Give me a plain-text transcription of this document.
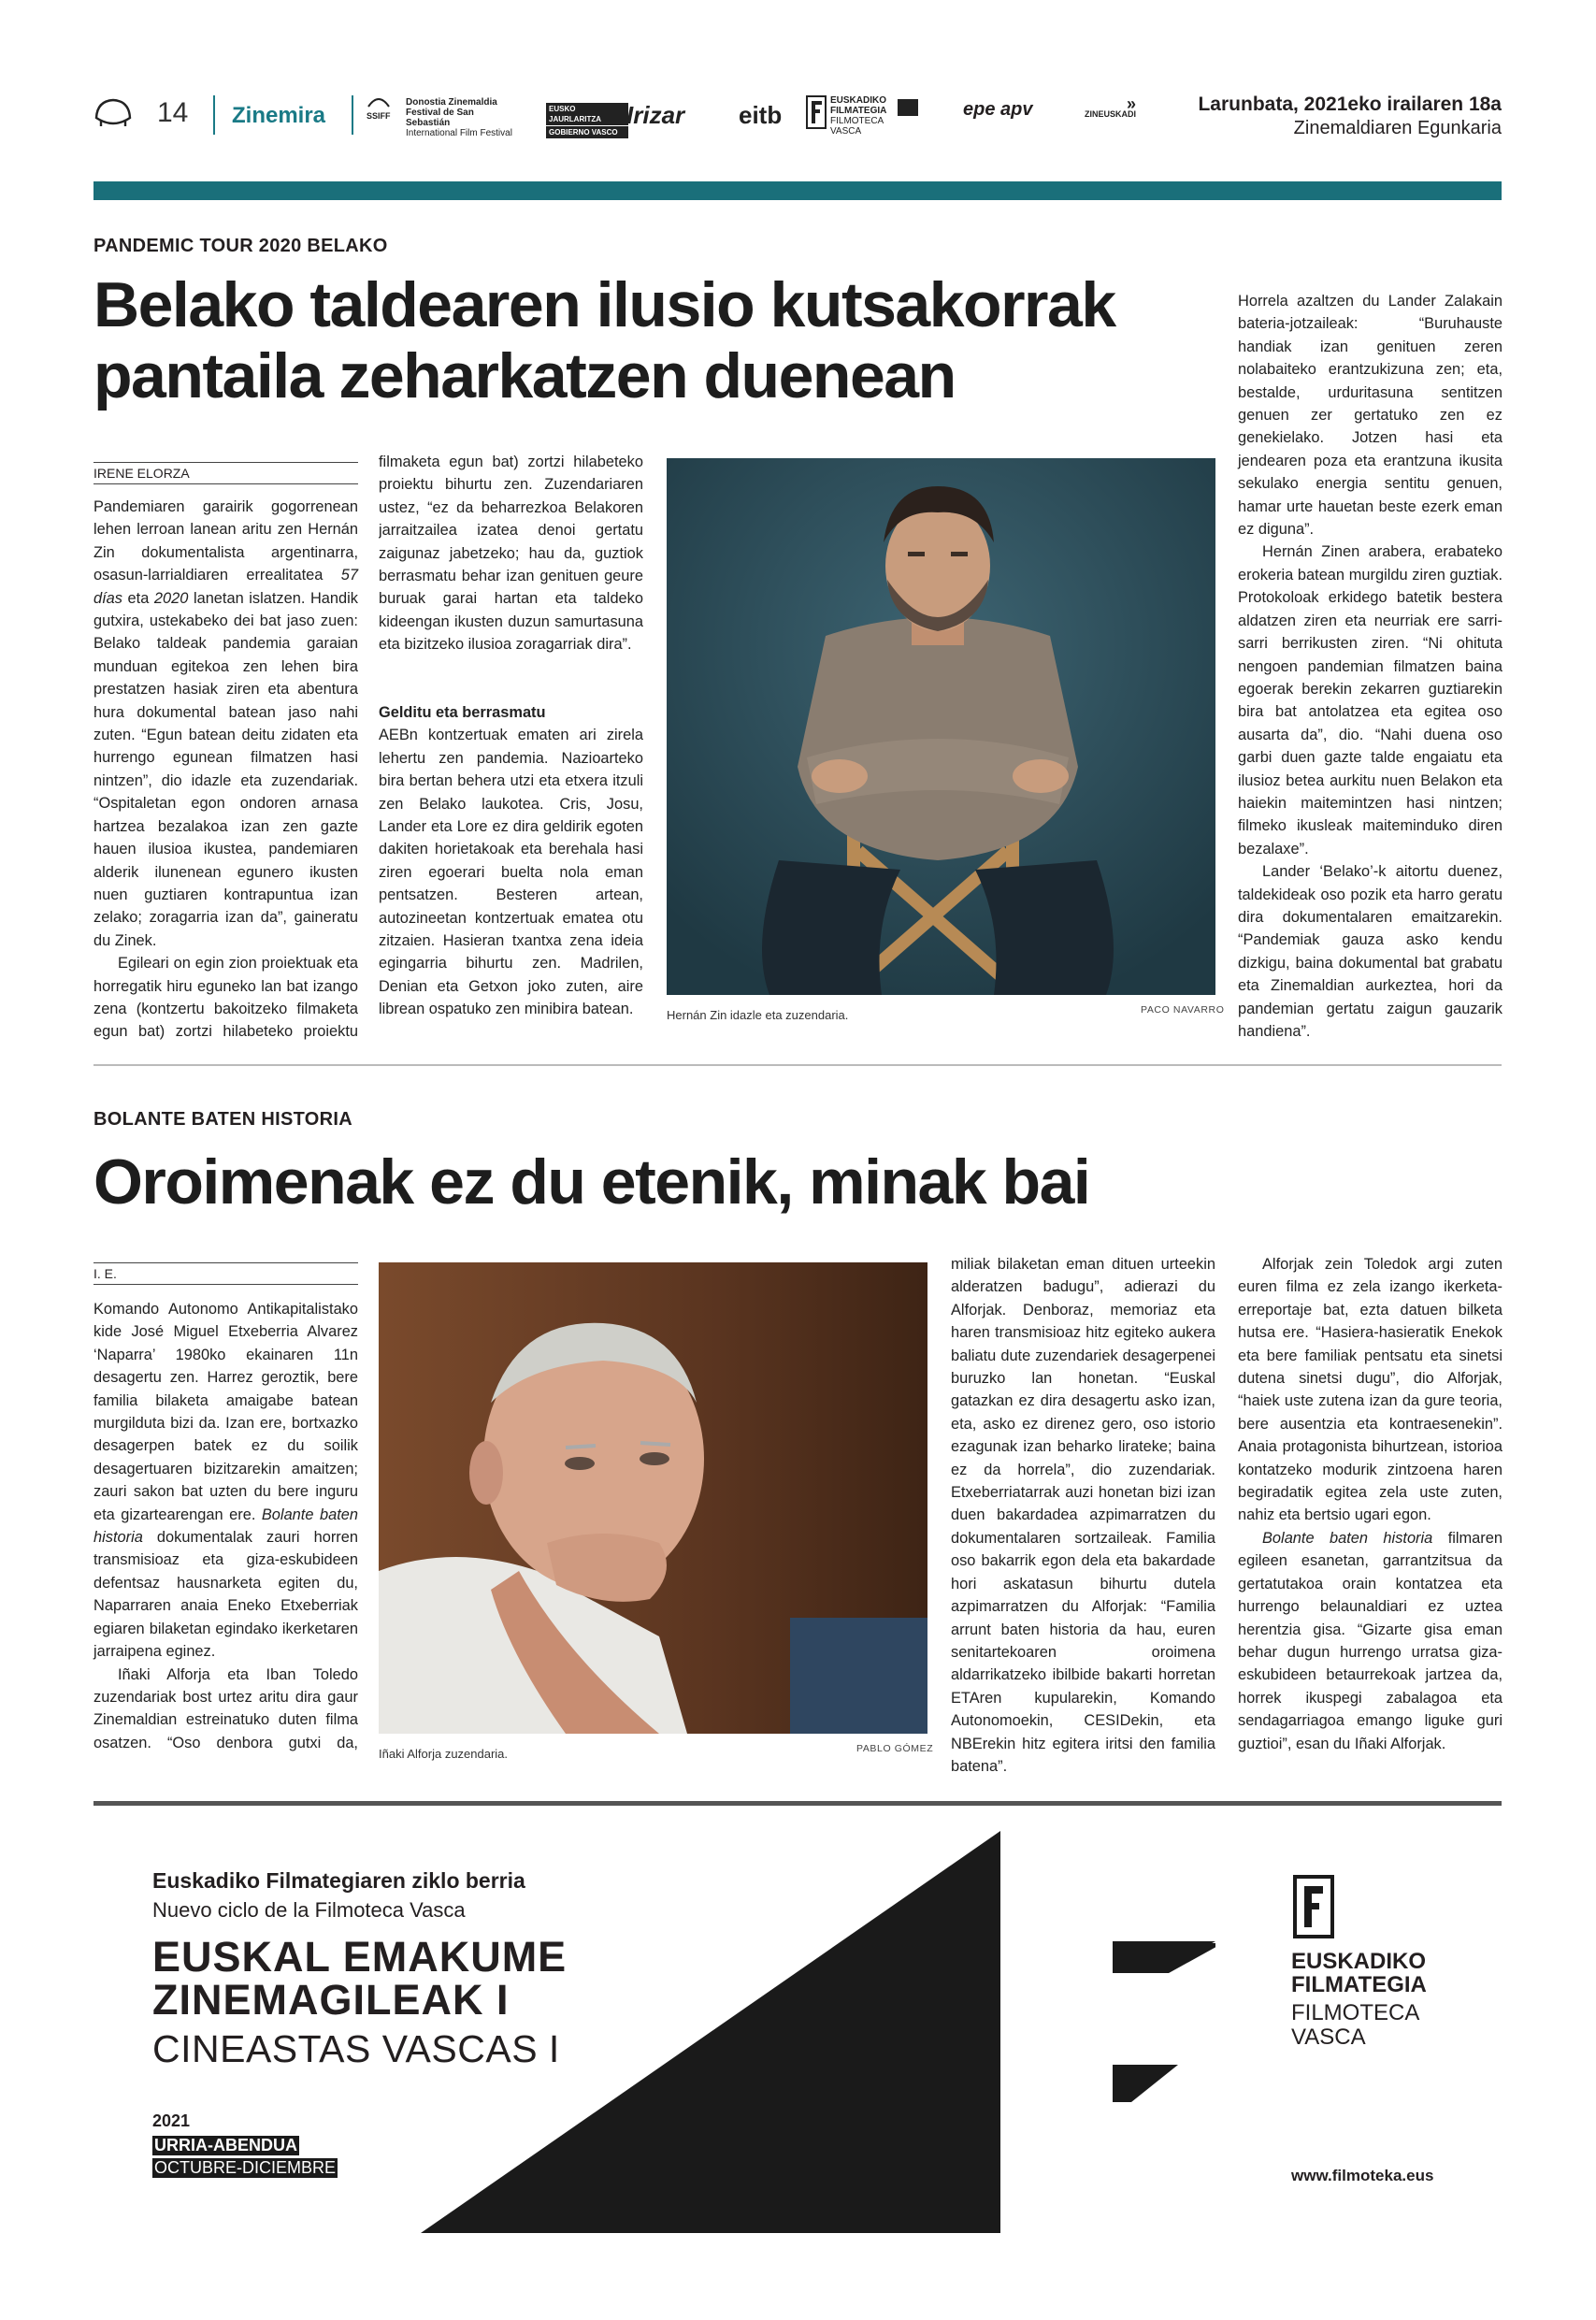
14 Zinemira	SSIFF
Donostia Zinemaldia
Festival de San Sebastián
International Film Festival
EUSKO JAURLARITZA
GOBIERNO VASCO
Irizar eitb
EUSKADIKO
FILMATEGIA
FILMOTECA
VASCA
epe apv	»
ZINEUSKADI	Larunbata, 2021eko irailaren 18a
Zinemaldiaren Egunkaria
PANDEMIC TOUR 2020 BELAKO
Belako taldearen ilusio kutsakorrak
pantaila zeharkatzen duenean
IRENE ELORZA

Pandemiaren garairik gogorrenean lehen lerroan lanean aritu zen Hernán Zin dokumentalista argentinarra, osasun-larrialdiaren errealitatea 57 días eta 2020 lanetan islatzen. Handik gutxira, ustekabeko dei bat jaso zuen: Belako taldeak pandemia garaian munduan egitekoa zen lehen bira prestatzen hasiak ziren eta abentura hura dokumental batean jaso nahi zuten. “Egun batean deitu zidaten eta hurrengo egunean filmatzen hasi nintzen”, dio idazle eta zuzendariak. “Ospitaletan egon ondoren arnasa hartzea bezalakoa izan zen gazte hauen ilusioa ikustea, pandemiaren alderik ilunenean egunero ikusten nuen guztiaren kontrapuntua izan zelako; zoragarria izan da”, gaineratu du Zinek.

Egileari on egin zion proiektuak eta horregatik hiru eguneko lan bat izango zena (kontzertu bakoitzeko filmaketa egun bat) zortzi hilabeteko proiektu

filmaketa egun bat) zortzi hilabeteko proiektu bihurtu zen. Zuzendariaren ustez, “ez da beharrezkoa Belakoren jarraitzailea izatea denoi gertatu zaigunaz jabetzeko; hau da, guztiok berrasmatu behar izan genituen geure buruak garai hartan eta taldeko kideengan ikusten duzun samurtasuna eta bizitzeko ilusioa zoragarriak dira”.

Gelditu eta berrasmatu

AEBn kontzertuak ematen ari zirela lehertu zen pandemia. Nazioarteko bira bertan behera utzi eta etxera itzuli zen Belako laukotea. Cris, Josu, Lander eta Lore ez dira geldirik egoten dakiten horietakoak eta berehala hasi ziren egoerari buelta nola eman pentsatzen. Besteren artean, autozineetan kontzertuak ematea otu zitzaien. Hasieran txantxa zena ideia egingarria bihurtu zen. Madrilen, Denian eta Getxon joko zuten, aire librean ospatuko zen minibira batean.	Hernán Zin idazle eta zuzendaria.	PACO NAVARRO

Horrela azaltzen du Lander Zalakain bateria-jotzaileak: “Buruhauste handiak izan genituen zeren nolabaiteko erantzukizuna zen; eta, bestalde, urduritasuna sentitzen genuen zer gertatuko zen ez genekielako. Jotzen hasi eta jendearen poza eta erantzuna ikusita sekulako energia sentitu genuen, hamar urte hauetan beste ezerk eman ez diguna”.

Hernán Zinen arabera, erabateko erokeria batean murgildu ziren guztiak. Protokoloak erkidego batetik bestera aldatzen ziren eta neurriak ere sarri-sarri berrikusten ziren. “Ni ohituta nengoen pandemian filmatzen baina egoerak berekin zekarren guztiarekin bira bat antolatzea eta egitea oso ausarta da”, dio. “Nahi duena oso garbi duen gazte talde engaiatu eta ilusioz betea aurkitu nuen Belakon eta haiekin maitemintzen hasi nintzen; filmeko ikusleak maiteminduko diren bezalaxe”.

Lander ‘Belako’-k aitortu duenez, taldekideak oso pozik eta harro geratu dira dokumentalaren emaitzarekin. “Pandemiak gauza asko kendu dizkigu, baina dokumental bat grabatu eta Zinemaldian aurkeztea, hori da pandemian gertatu zaigun gauzarik handiena”.

BOLANTE BATEN HISTORIA
Oroimenak ez du etenik, minak bai
I. E.

Komando Autonomo Antikapitalistako kide José Miguel Etxeberria Alvarez ‘Naparra’ 1980ko ekainaren 11n desagertu zen. Harrez geroztik, bere familia bilaketa amaigabe batean murgilduta bizi da. Izan ere, bortxazko desagerpen batek ez du soilik desagertuaren bizitzarekin amaitzen; zauri sakon bat uzten du bere inguru eta gizartearengan ere. Bolante baten historia dokumentalak zauri horren transmisioaz eta giza-eskubideen defentsaz hausnarketa egiten du, Naparraren anaia Eneko Etxeberriak egiaren bilaketan egindako ikerketaren jarraipena eginez.

Iñaki Alforja eta Iban Toledo zuzendariak bost urtez aritu dira gaur Zinemaldian estreinatuko duten filma osatzen. “Oso denbora gutxi da,

Iñaki Alforja zuzendaria.	PABLO GÓMEZ

miliak bilaketan eman dituen urteekin alderatzen badugu”, adierazi du Alforjak. Denboraz, memoriaz eta haren transmisioaz hitz egiteko aukera baliatu dute zuzendariek desagerpenei buruzko lan honetan. “Euskal gatazkan ez dira desagertu asko izan, eta, asko ez direnez gero, oso istorio ezagunak izan beharko lirateke; baina ez da horrela”, dio zuzendariak. Etxeberriatarrak auzi honetan bizi izan duen bakardadea azpimarratzen du dokumentalaren sortzaileak. Familia oso bakarrik egon dela eta bakardade hori askatasun bihurtu dutela azpimarratzen du Alforjak: “Familia arrunt baten historia da hau, euren senitartekoaren oroimena aldarrikatzeko ibilbide bakarti horretan ETAren kupularekin, Komando Autonomoekin, CESIDekin, eta NBErekin hitz egitera iritsi den familia batena”.

Alforjak zein Toledok argi zuten euren filma ez zela izango ikerketa-erreportaje bat, ezta datuen bilketa hutsa ere. “Hasiera-hasieratik Enekok eta bere familiak pentsatu eta sinetsi dutena sinetsi dugu”, dio Alforjak, “haiek uste zutena izan da gure teoria, bere ausentzia eta kontraesenekin”. Anaia protagonista bihurtzean, istorioa kontatzeko modurik zintzoena haren begiradatik egitea zela uste zuten, nahiz eta bertsio ugari egon.

Bolante baten historia filmaren egileen esanetan, garrantzitsua da gertatutakoa orain kontatzea eta hurrengo belaunaldiari ez uztea herentzia gisa. “Gizarte gisa eman behar dugun hurrengo urratsa giza-eskubideen betaurrekoak jartzea da, horrek ikuspegi zabalagoa eta sendagarriagoa emango liguke guri guztioi”, esan du Iñaki Alforjak.

Euskadiko Filmategiaren ziklo berria
Nuevo ciclo de la Filmoteca Vasca
EUSKAL EMAKUME
ZINEMAGILEAK I
CINEASTAS VASCAS I
2021
URRIA-ABENDUA
OCTUBRE-DICIEMBRE
EUSKADIKO
FILMATEGIA
FILMOTECA
VASCA
www.filmoteka.eus
